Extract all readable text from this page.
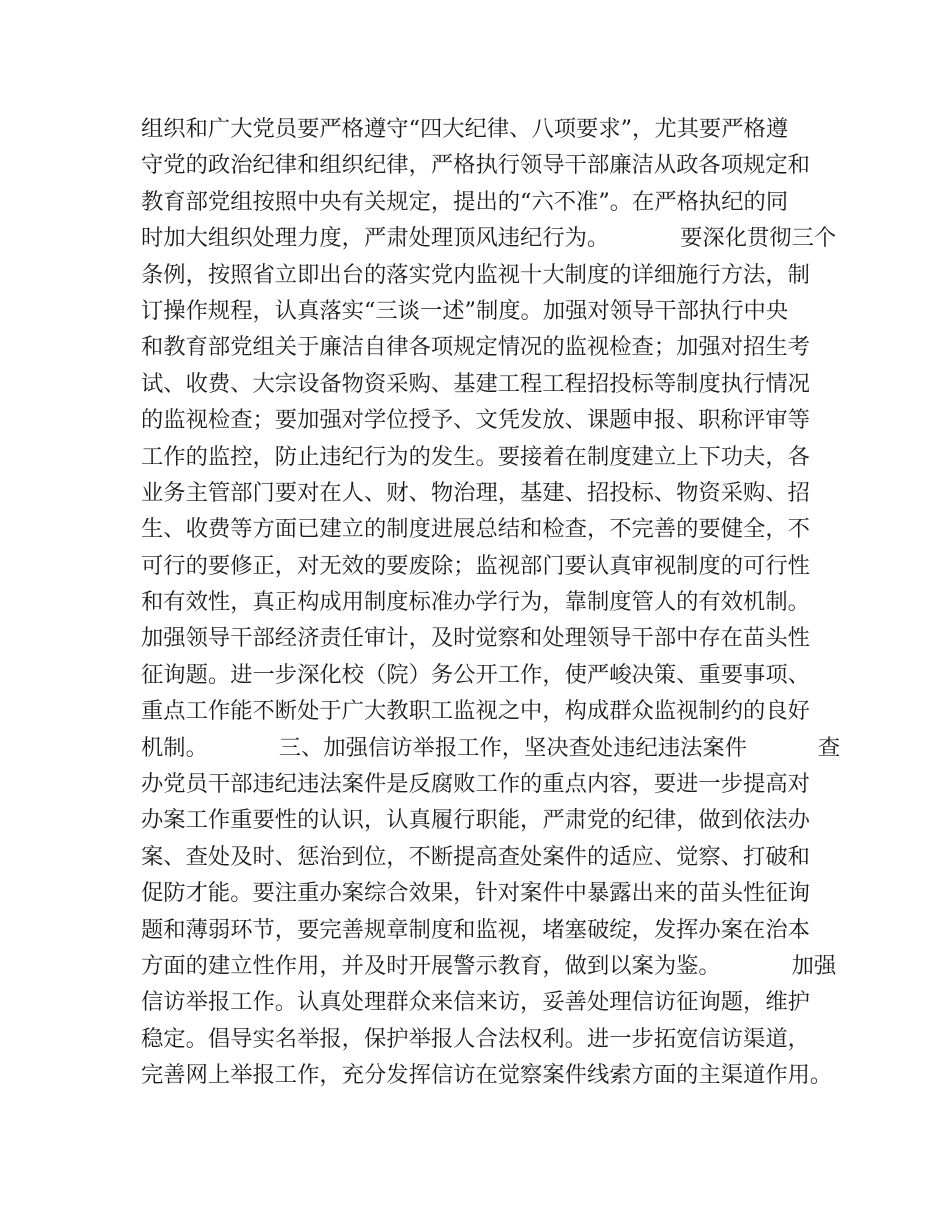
组织和广大党员要严格遵守“四大纪律、八项要求”，尤其要严格遵
守党的政治纪律和组织纪律，严格执行领导干部廉洁从政各项规定和
教育部党组按照中央有关规定，提出的“六不准”。在严格执纪的同
时加大组织处理力度，严肃处理顶风违纪行为。          要深化贯彻三个
条例，按照省立即出台的落实党内监视十大制度的详细施行方法，制
订操作规程，认真落实“三谈一述”制度。加强对领导干部执行中央
和教育部党组关于廉洁自律各项规定情况的监视检查；加强对招生考
试、收费、大宗设备物资采购、基建工程工程招投标等制度执行情况
的监视检查；要加强对学位授予、文凭发放、课题申报、职称评审等
工作的监控，防止违纪行为的发生。要接着在制度建立上下功夫，各
业务主管部门要对在人、财、物治理，基建、招投标、物资采购、招
生、收费等方面已建立的制度进展总结和检查，不完善的要健全，不
可行的要修正，对无效的要废除；监视部门要认真审视制度的可行性
和有效性，真正构成用制度标准办学行为，靠制度管人的有效机制。
加强领导干部经济责任审计，及时觉察和处理领导干部中存在苗头性
征询题。进一步深化校（院）务公开工作，使严峻决策、重要事项、
重点工作能不断处于广大教职工监视之中，构成群众监视制约的良好
机制。          三、加强信访举报工作，坚决查处违纪违法案件          查
办党员干部违纪违法案件是反腐败工作的重点内容，要进一步提高对
办案工作重要性的认识，认真履行职能，严肃党的纪律，做到依法办
案、查处及时、惩治到位，不断提高查处案件的适应、觉察、打破和
促防才能。要注重办案综合效果，针对案件中暴露出来的苗头性征询
题和薄弱环节，要完善规章制度和监视，堵塞破绽，发挥办案在治本
方面的建立性作用，并及时开展警示教育，做到以案为鉴。          加强
信访举报工作。认真处理群众来信来访，妥善处理信访征询题，维护
稳定。倡导实名举报，保护举报人合法权利。进一步拓宽信访渠道，
完善网上举报工作，充分发挥信访在觉察案件线索方面的主渠道作用。
